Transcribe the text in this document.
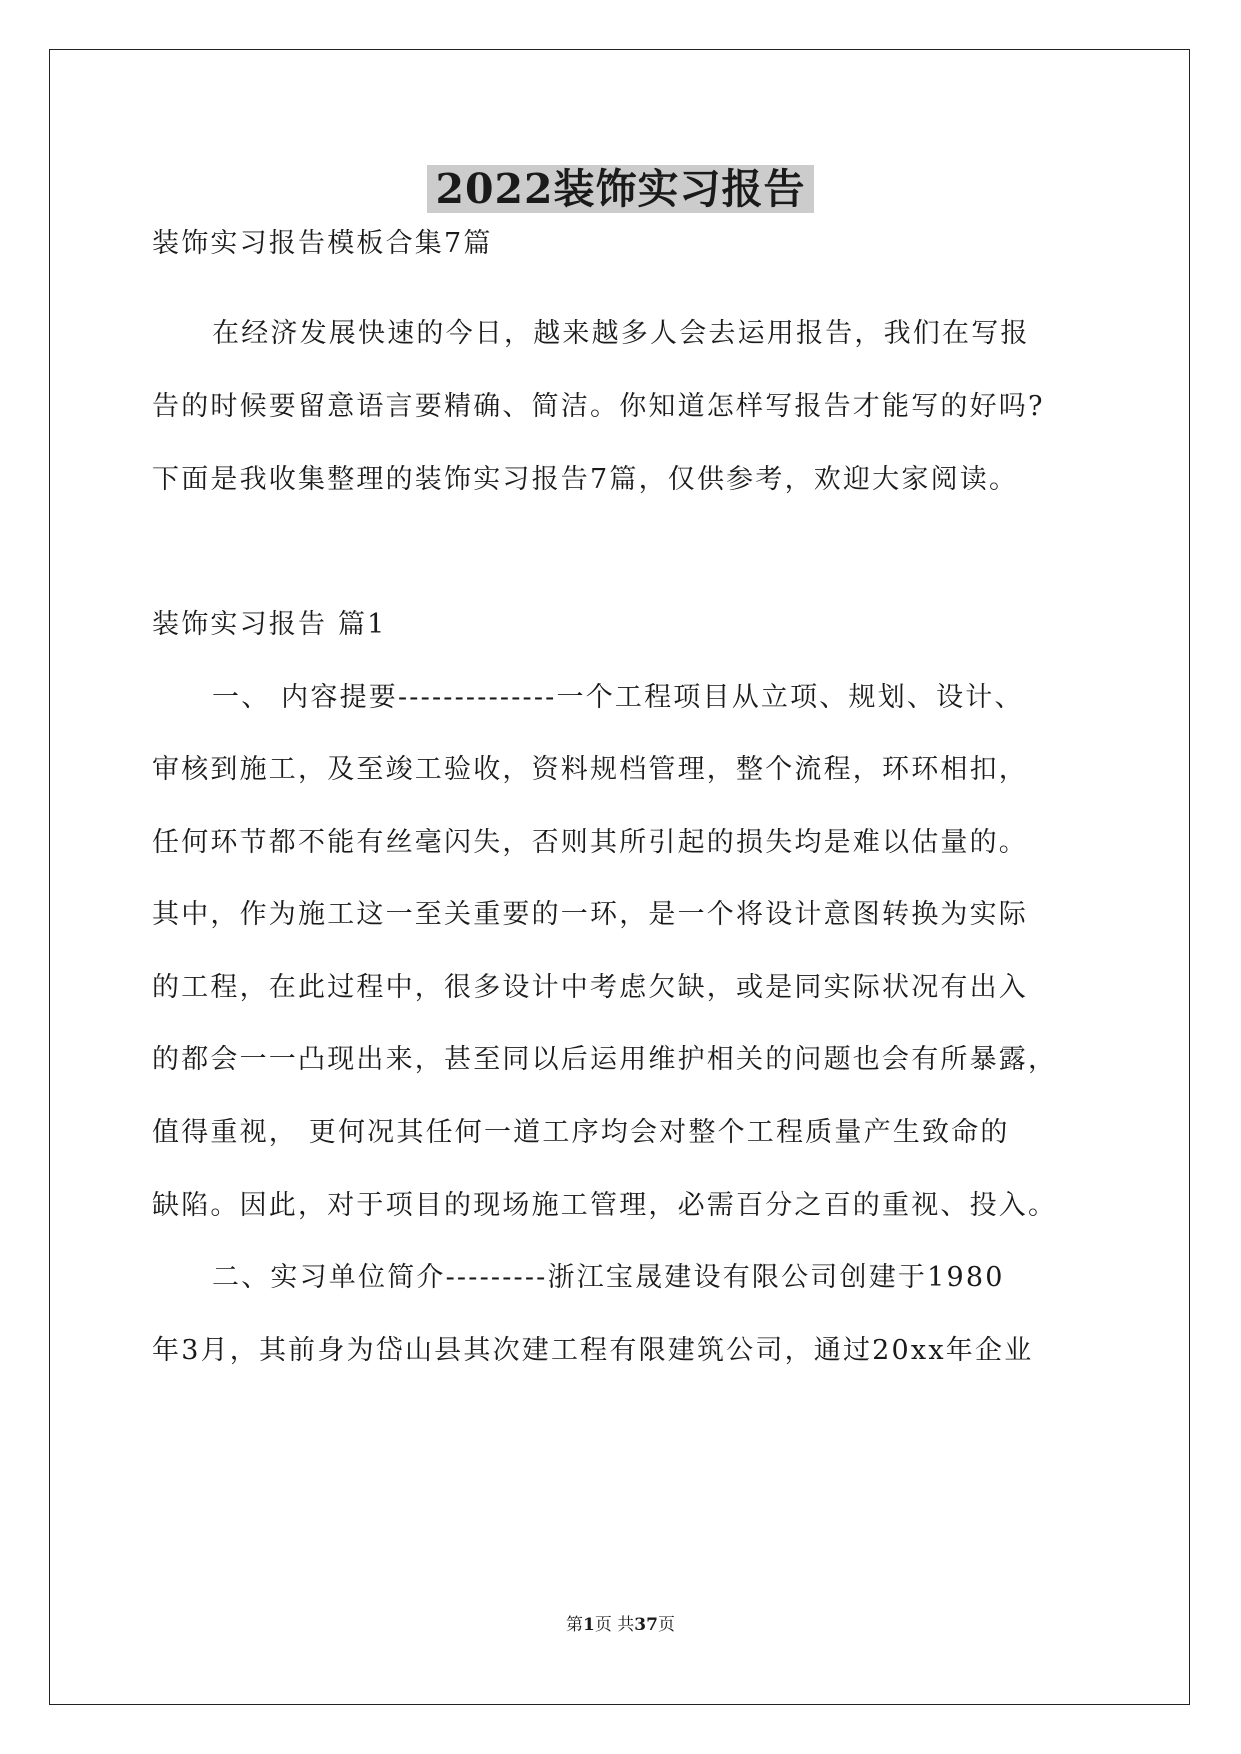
2022装饰实习报告

装饰实习报告模板合集7篇

在经济发展快速的今日，越来越多人会去运用报告，我们在写报

告的时候要留意语言要精确、简洁。你知道怎样写报告才能写的好吗?

下面是我收集整理的装饰实习报告7篇，仅供参考，欢迎大家阅读。

装饰实习报告 篇1

一、 内容提要--------------一个工程项目从立项、规划、设计、

审核到施工，及至竣工验收，资料规档管理，整个流程，环环相扣，

任何环节都不能有丝毫闪失，否则其所引起的损失均是难以估量的。

其中，作为施工这一至关重要的一环，是一个将设计意图转换为实际

的工程，在此过程中，很多设计中考虑欠缺，或是同实际状况有出入

的都会一一凸现出来，甚至同以后运用维护相关的问题也会有所暴露，

值得重视， 更何况其任何一道工序均会对整个工程质量产生致命的

缺陷。因此，对于项目的现场施工管理，必需百分之百的重视、投入。

二、实习单位简介---------浙江宝晟建设有限公司创建于1980

年3月，其前身为岱山县其次建工程有限建筑公司，通过20xx年企业

第1页 共37页
